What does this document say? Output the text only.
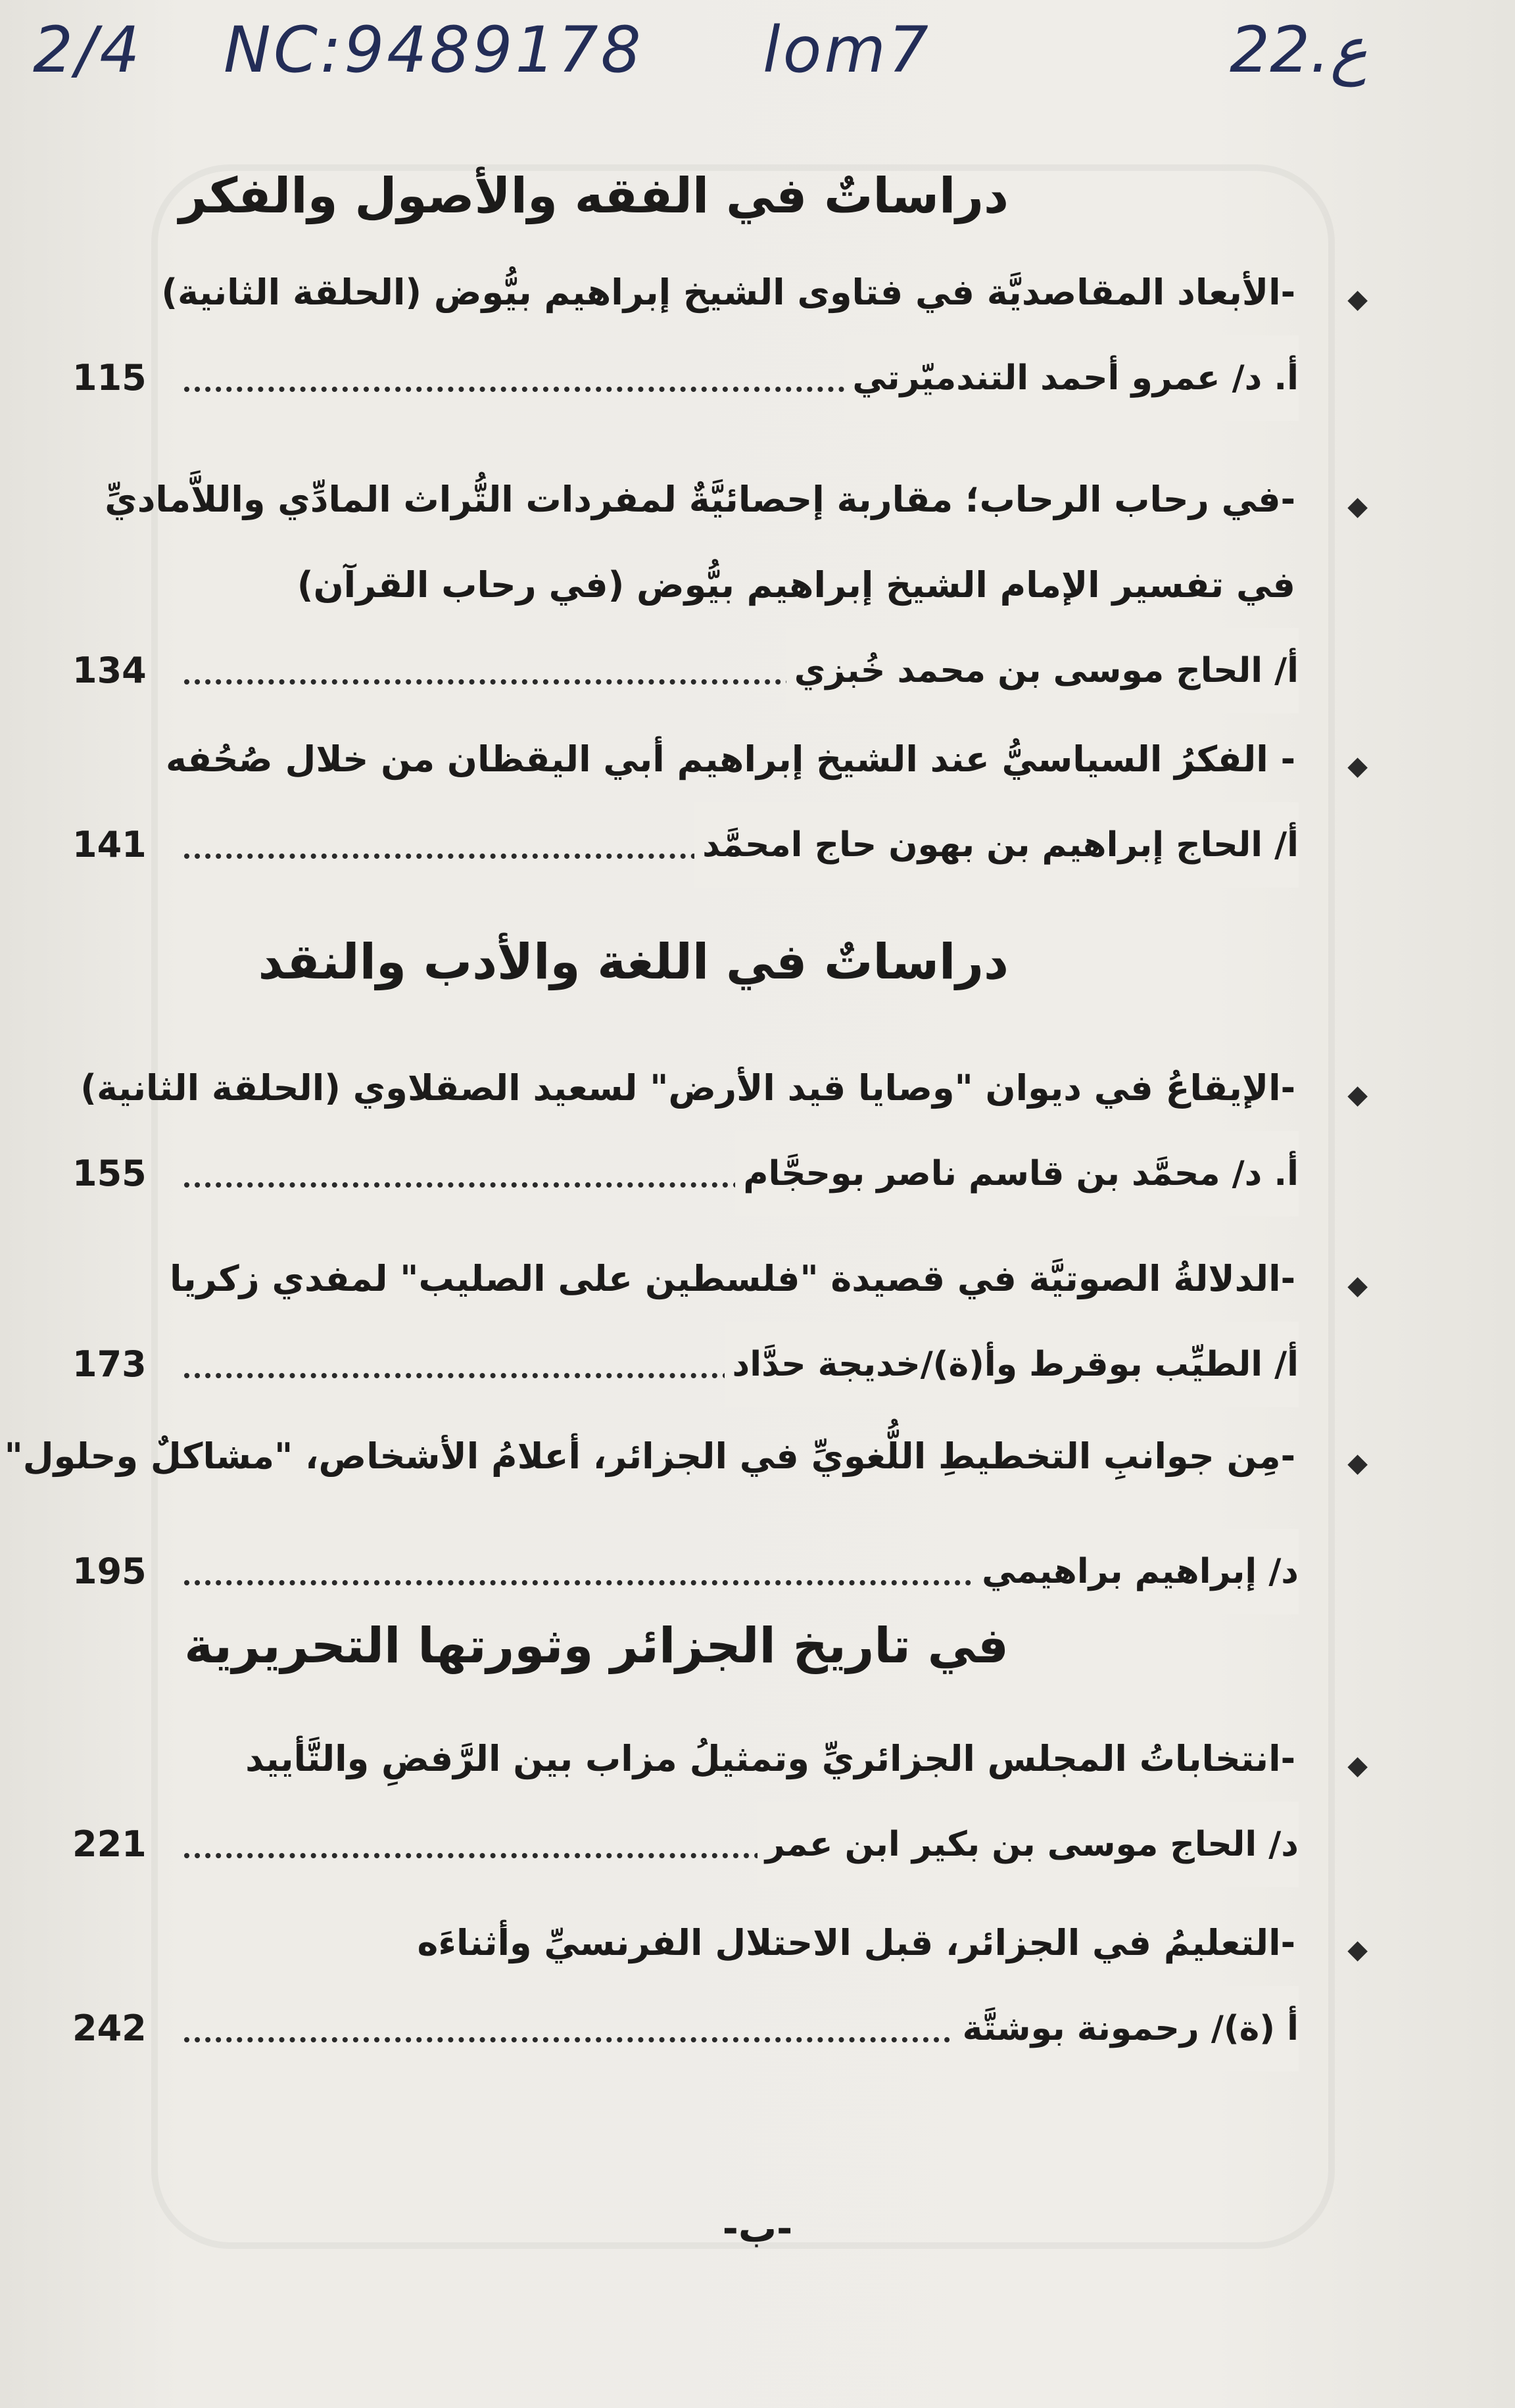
2/4 NC:9489178 lom7	22.ع
دراساتٌ في الفقه والأصول والفكر
◆
-الأبعاد المقاصديَّة في فتاوى الشيخ إبراهيم بيُّوض (الحلقة الثانية)
115	أ. د/ عمرو أحمد التندميّرتي
◆
-في رحاب الرحاب؛ مقاربة إحصائيَّةٌ لمفردات التُّراث المادِّي واللاَّماديِّ
في تفسير الإمام الشيخ إبراهيم بيُّوض (في رحاب القرآن)
134	أ/ الحاج موسى بن محمد خُبزي
◆
- الفكرُ السياسيُّ عند الشيخ إبراهيم أبي اليقظان من خلال صُحُفه
141	أ/ الحاج إبراهيم بن بهون حاج امحمَّد
دراساتٌ في اللغة والأدب والنقد
◆
-الإيقاعُ في ديوان "وصايا قيد الأرض" لسعيد الصقلاوي (الحلقة الثانية)
155	أ. د/ محمَّد بن قاسم ناصر بوحجَّام
◆
-الدلالةُ الصوتيَّة في قصيدة "فلسطين على الصليب" لمفدي زكريا
173	أ/ الطيِّب بوقرط وأ(ة)/خديجة حدَّاد
◆
-مِن جوانبِ التخطيطِ اللُّغويِّ في الجزائر، أعلامُ الأشخاص، "مشاكلٌ وحلول"
195	د/ إبراهيم براهيمي
في تاريخ الجزائر وثورتها التحريرية
◆
-انتخاباتُ المجلس الجزائريِّ وتمثيلُ مزاب بين الرَّفضِ والتَّأييد
221	د/ الحاج موسى بن بكير ابن عمر
◆
-التعليمُ في الجزائر، قبل الاحتلال الفرنسيِّ وأثناءَه
242	أ (ة)/ رحمونة بوشتَّة
-ب-
